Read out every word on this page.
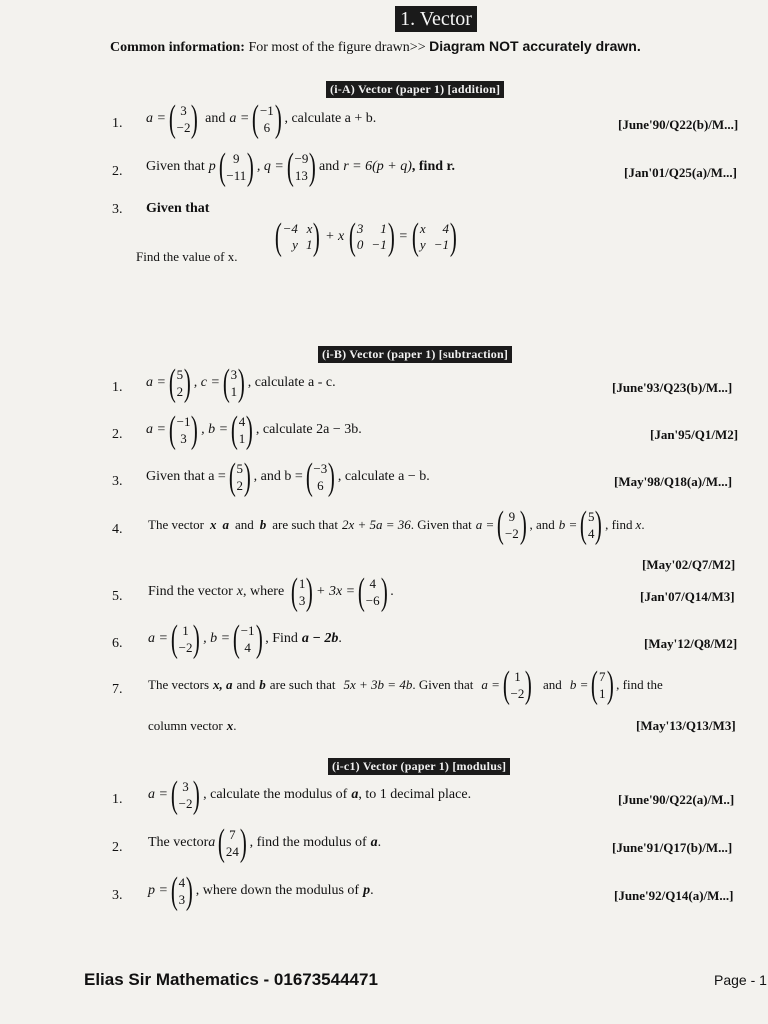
1. Vector
Common information: For most of the figure drawn>> Diagram NOT accurately drawn.
(i-A) Vector (paper 1) [addition]
1. a = ( 3
−2 ) and a = ( −1
6 ) , calculate a + b.	[June'90/Q22(b)/M...]
2. Given that p ( 9
−11 ) , q = ( −9
13 ) and r = 6(p + q) , find r.	[Jan'01/Q25(a)/M...]
3. Given that
( −4 x
y 1 ) + x ( 3	1
0 −1 ) = ( x	4
y −1 )
Find the value of x.
(i-B) Vector (paper 1) [subtraction]
1. a = ( 5
2 ) , c = ( 3
1 ) , calculate a - c.	[June'93/Q23(b)/M...]
2. a = ( −1
3 ) , b = ( 4
1 ) , calculate 2a − 3b.	[Jan'95/Q1/M2]
3. Given that a = ( 5
2 ) , and b = ( −3
6 ) , calculate a − b.	[May'98/Q18(a)/M...]
4. The vector x a and b are such that 2x + 5a = 36 . Given that a = ( 9
−2 ) , and b = ( 5
4 ) , find x .
[May'02/Q7/M2]
5. Find the vector x , where ( 1
3 ) + 3x = ( 4
−6 ) .	[Jan'07/Q14/M3]
6. a = ( 1
−2 ) , b = ( −1
4 ) , Find a − 2b .	[May'12/Q8/M2]
7. The vectors x, a and b are such that 5x + 3b = 4b . Given that a = ( 1
−2 ) and b = ( 7
1 ) , find the
column vector x.	[May'13/Q13/M3]
(i-c1) Vector (paper 1) [modulus]
1. a = ( 3
−2 ) , calculate the modulus of a , to 1 decimal place.	[June'90/Q22(a)/M..]
2. The vector a ( 7
24 ) , find the modulus of a .	[June'91/Q17(b)/M...]
3. p = ( 4
3 ) , where down the modulus of p .	[June'92/Q14(a)/M...]
Elias Sir Mathematics - 01673544471	Page - 1
